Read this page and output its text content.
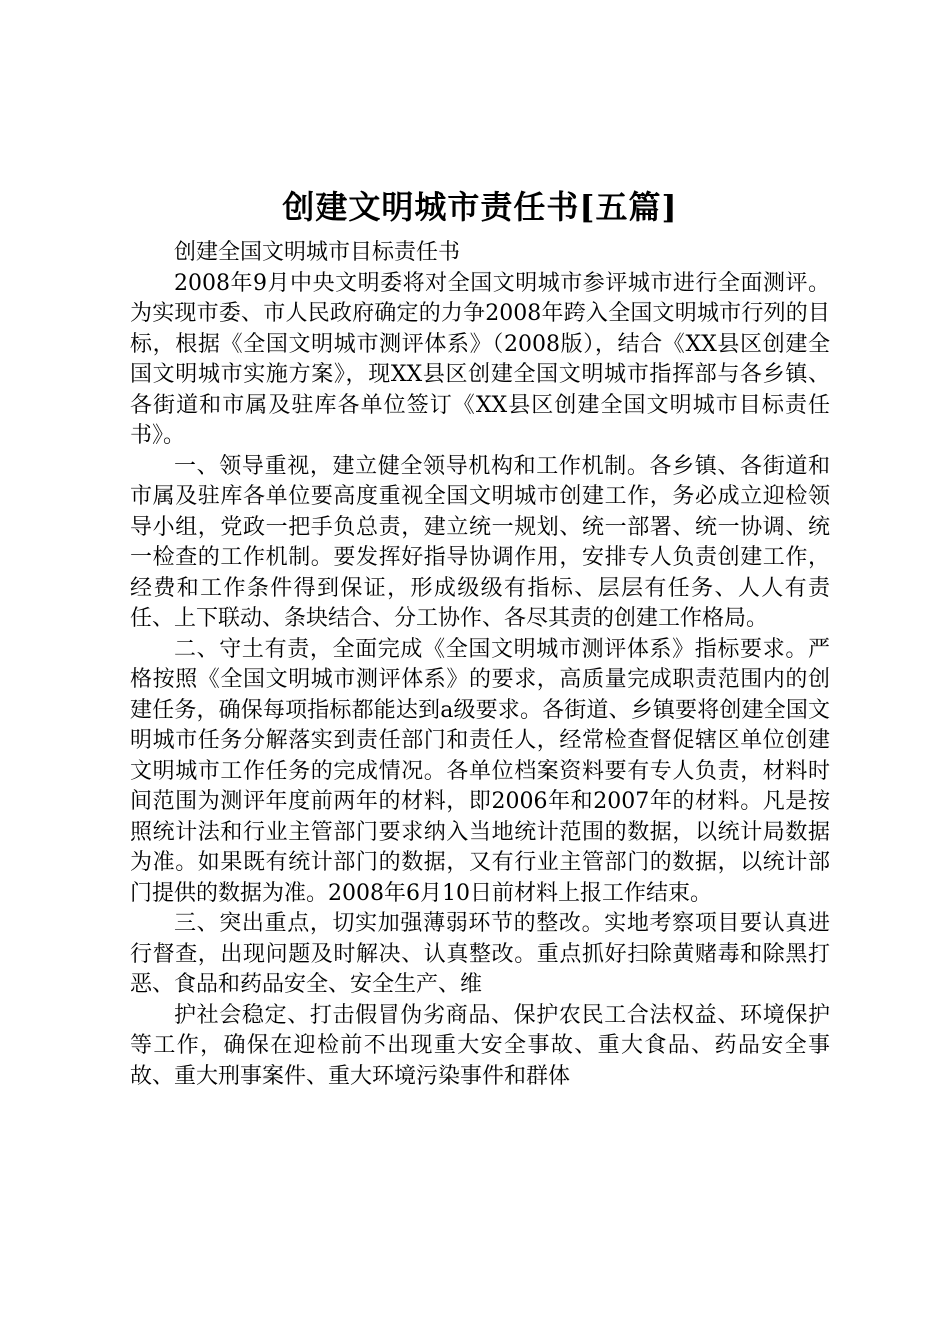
创建文明城市责任书[五篇]

创建全国文明城市目标责任书

2008年9月中央文明委将对全国文明城市参评城市进行全面测评。为实现市委、市人民政府确定的力争2008年跨入全国文明城市行列的目标，根据《全国文明城市测评体系》（2008版），结合《XX县区创建全国文明城市实施方案》，现XX县区创建全国文明城市指挥部与各乡镇、各街道和市属及驻库各单位签订《XX县区创建全国文明城市目标责任书》。

一、领导重视，建立健全领导机构和工作机制。各乡镇、各街道和市属及驻库各单位要高度重视全国文明城市创建工作，务必成立迎检领导小组，党政一把手负总责，建立统一规划、统一部署、统一协调、统一检查的工作机制。要发挥好指导协调作用，安排专人负责创建工作，经费和工作条件得到保证，形成级级有指标、层层有任务、人人有责任、上下联动、条块结合、分工协作、各尽其责的创建工作格局。

二、守土有责，全面完成《全国文明城市测评体系》指标要求。严格按照《全国文明城市测评体系》的要求，高质量完成职责范围内的创建任务，确保每项指标都能达到a级要求。各街道、乡镇要将创建全国文明城市任务分解落实到责任部门和责任人，经常检查督促辖区单位创建文明城市工作任务的完成情况。各单位档案资料要有专人负责，材料时间范围为测评年度前两年的材料，即2006年和2007年的材料。凡是按照统计法和行业主管部门要求纳入当地统计范围的数据，以统计局数据为准。如果既有统计部门的数据，又有行业主管部门的数据，以统计部门提供的数据为准。2008年6月10日前材料上报工作结束。

三、突出重点，切实加强薄弱环节的整改。实地考察项目要认真进行督查，出现问题及时解决、认真整改。重点抓好扫除黄赌毒和除黑打恶、食品和药品安全、安全生产、维

护社会稳定、打击假冒伪劣商品、保护农民工合法权益、环境保护等工作，确保在迎检前不出现重大安全事故、重大食品、药品安全事故、重大刑事案件、重大环境污染事件和群体
